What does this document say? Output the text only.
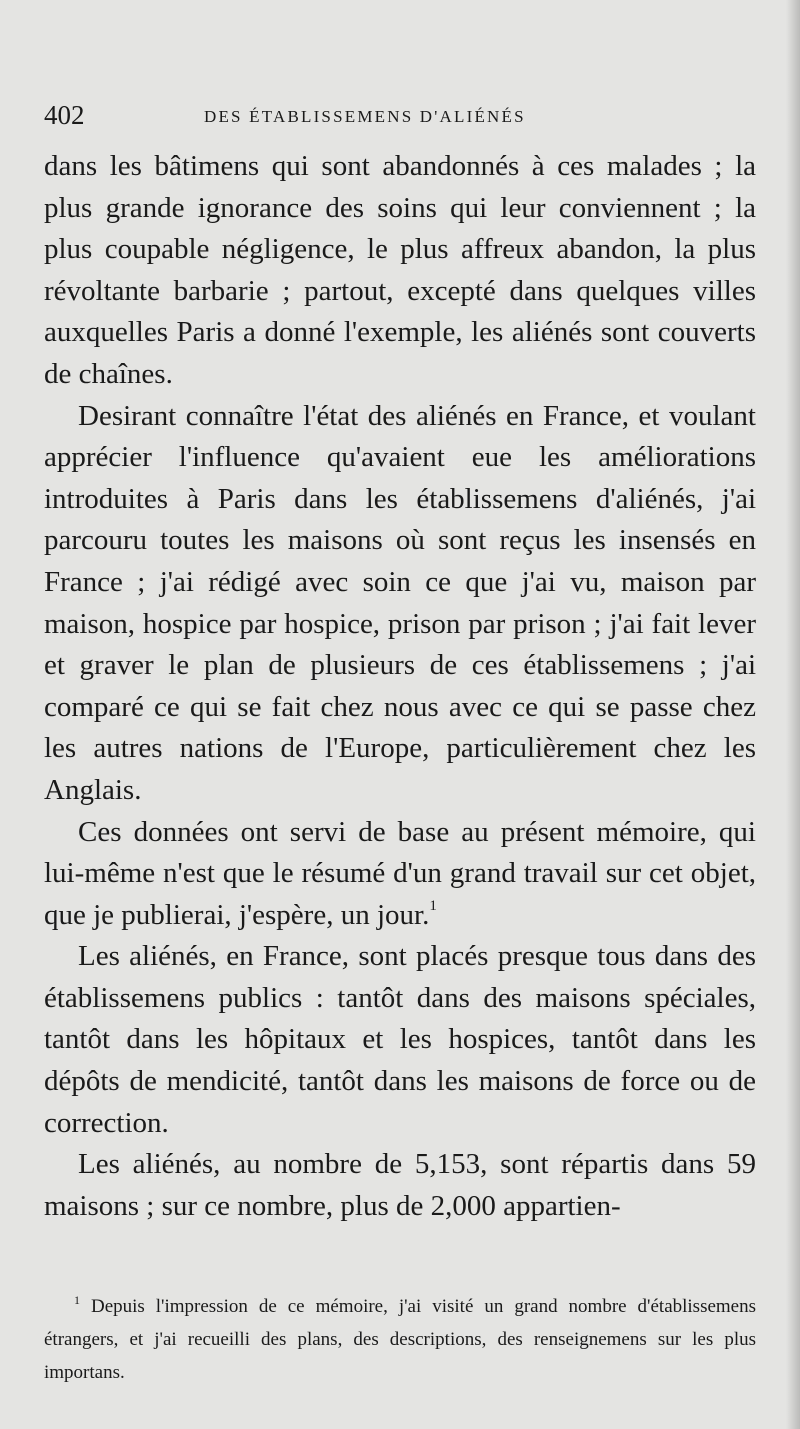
402	DES ÉTABLISSEMENS D'ALIÉNÉS

dans les bâtimens qui sont abandonnés à ces malades ; la plus grande ignorance des soins qui leur conviennent ; la plus coupable négligence, le plus affreux abandon, la plus révoltante barbarie ; partout, excepté dans quelques villes auxquelles Paris a donné l'exemple, les aliénés sont couverts de chaînes.

Desirant connaître l'état des aliénés en France, et voulant apprécier l'influence qu'avaient eue les améliorations introduites à Paris dans les établissemens d'aliénés, j'ai parcouru toutes les maisons où sont reçus les insensés en France ; j'ai rédigé avec soin ce que j'ai vu, maison par maison, hospice par hospice, prison par prison ; j'ai fait lever et graver le plan de plusieurs de ces établissemens ; j'ai comparé ce qui se fait chez nous avec ce qui se passe chez les autres nations de l'Europe, particulièrement chez les Anglais.

Ces données ont servi de base au présent mémoire, qui lui-même n'est que le résumé d'un grand travail sur cet objet, que je publierai, j'espère, un jour.$^1$

Les aliénés, en France, sont placés presque tous dans des établissemens publics : tantôt dans des maisons spéciales, tantôt dans les hôpitaux et les hospices, tantôt dans les dépôts de mendicité, tantôt dans les maisons de force ou de correction.

Les aliénés, au nombre de 5,153, sont répartis dans 59 maisons ; sur ce nombre, plus de 2,000 appartien-

$^1$ Depuis l'impression de ce mémoire, j'ai visité un grand nombre d'établissemens étrangers, et j'ai recueilli des plans, des descriptions, des renseignemens sur les plus importans.
